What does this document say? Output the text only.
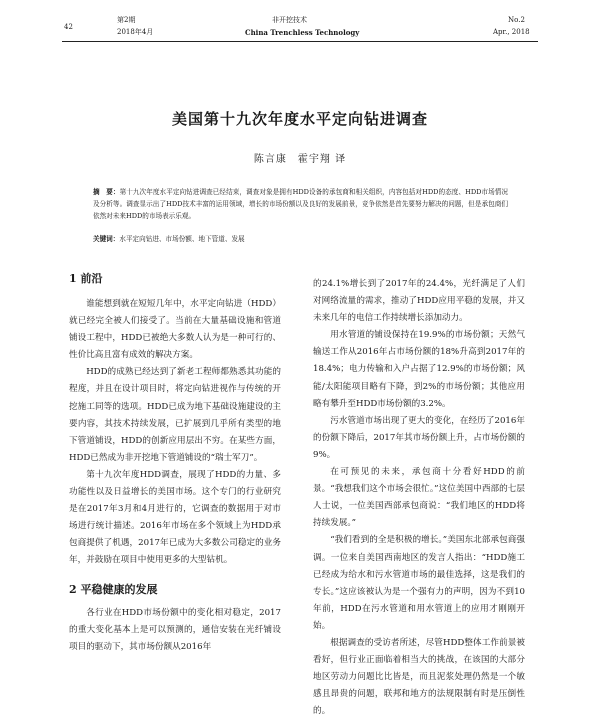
42
第2期
2018年4月
非开挖技术
China Trenchless Technology
No.2
Apr., 2018
美国第十九次年度水平定向钻进调查
陈言康　霍宇翔 译

摘　要：第十九次年度水平定向钻进调查已经结束，调查对象是拥有HDD设备的承包商和相关组织，内容包括对HDD的态度、HDD市场情况及分析等。调查显示出了HDD技术丰富的运用领域，增长的市场份额以及良好的发展前景，竞争依然是首先要努力解决的问题，但是承包商们依然对未来HDD的市场表示乐观。

关键词：水平定向钻进、市场份额、地下管道、发展

1 前沿

谁能想到就在短短几年中，水平定向钻进（HDD）就已经完全被人们接受了。当前在大量基础设施和管道铺设工程中，HDD已被绝大多数人认为是一种可行的、性价比高且富有成效的解决方案。

HDD的成熟已经达到了新老工程师都熟悉其功能的程度，并且在设计项目时，将定向钻进视作与传统的开挖施工同等的选项。HDD已成为地下基础设施建设的主要内容，其技术持续发展，已扩展到几乎所有类型的地下管道铺设，HDD的创新应用层出不穷。在某些方面，HDD已然成为非开挖地下管道铺设的“瑞士军刀”。

第十九次年度HDD调查，展现了HDD的力量、多功能性以及日益增长的美国市场。这个专门的行业研究是在2017年3月和4月进行的，它调查的数据用于对市场进行统计描述。2016年市场在多个领域上为HDD承包商提供了机遇，2017年已成为大多数公司稳定的业务年，并鼓励在项目中使用更多的大型钻机。

2 平稳健康的发展

各行业在HDD市场份额中的变化相对稳定，2017的重大变化基本上是可以预测的，通信安装在光纤铺设项目的驱动下，其市场份额从2016年

的24.1%增长到了2017年的24.4%，光纤满足了人们对网络流量的需求，推动了HDD应用平稳的发展，并又未来几年的电信工作持续增长添加动力。

用水管道的铺设保持在19.9%的市场份额；天然气输送工作从2016年占市场份额的18%升高到2017年的18.4%；电力传输和入户占据了12.9%的市场份额；风能/太阳能项目略有下降，到2%的市场份额；其他应用略有攀升至HDD市场份额的3.2%。

污水管道市场出现了更大的变化，在经历了2016年的份额下降后，2017年其市场份额上升，占市场份额的9%。

在可预见的未来，承包商十分看好HDD的前景。“我想我们这个市场会很忙。”这位美国中西部的七层人士说，一位美国西部承包商说：“我们地区的HDD将持续发展。”

“我们看到的全是积极的增长。”美国东北部承包商强调。一位来自美国西南地区的发言人指出：“HDD施工已经成为给水和污水管道市场的最佳选择，这是我们的专长。”这应该被认为是一个强有力的声明，因为不到10年前，HDD在污水管道和用水管道上的应用才刚刚开始。

根据调查的受访者所述，尽管HDD整体工作前景被看好，但行业正面临着相当大的挑战，在该国的大部分地区劳动力问题比比皆是，而且泥浆处理仍然是一个敏感且昂贵的问题，联邦和地方的法规限制有时是压倒性的。
